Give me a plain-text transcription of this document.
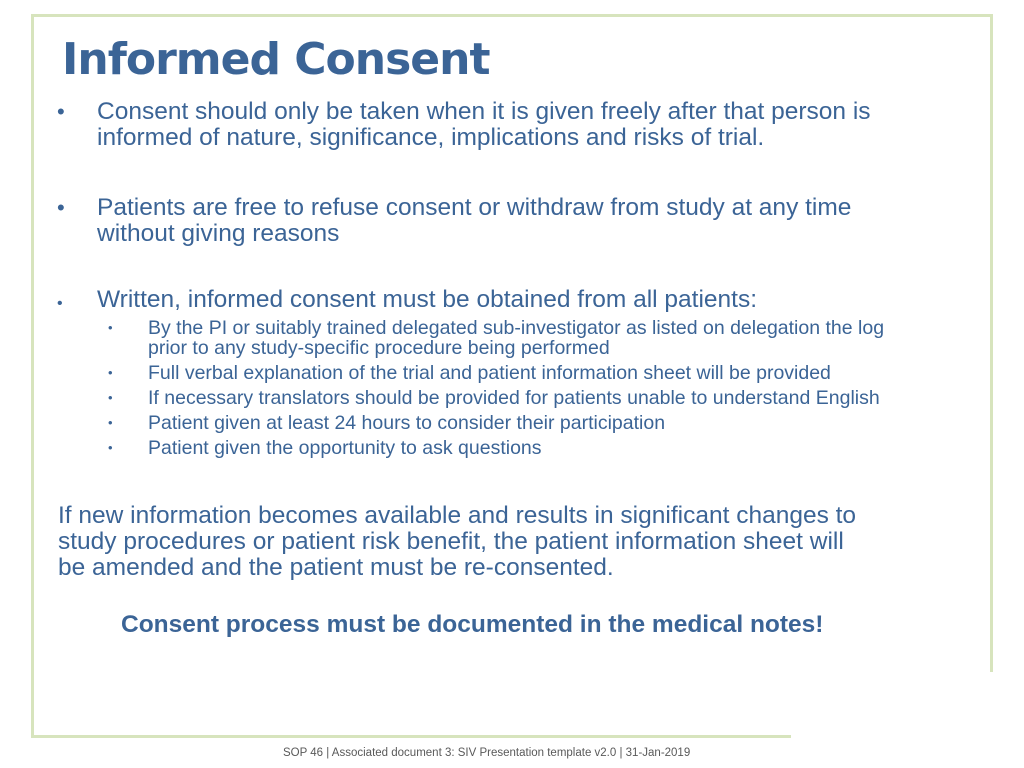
Informed Consent
• Consent should only be taken when it is given freely after that person is
informed of nature, significance, implications and risks of trial.
• Patients are free to refuse consent or withdraw from study at any time
without giving reasons
• Written, informed consent must be obtained from all patients:
• By the PI or suitably trained delegated sub-investigator as listed on delegation the log
prior to any study-specific procedure being performed
• Full verbal explanation of the trial and patient information sheet will be provided
• If necessary translators should be provided for patients unable to understand English
• Patient given at least 24 hours to consider their participation
• Patient given the opportunity to ask questions

If new information becomes available and results in significant changes to
study procedures or patient risk benefit, the patient information sheet will
be amended and the patient must be re-consented.

Consent process must be documented in the medical notes!

SOP 46 | Associated document 3: SIV Presentation template v2.0 | 31-Jan-2019
